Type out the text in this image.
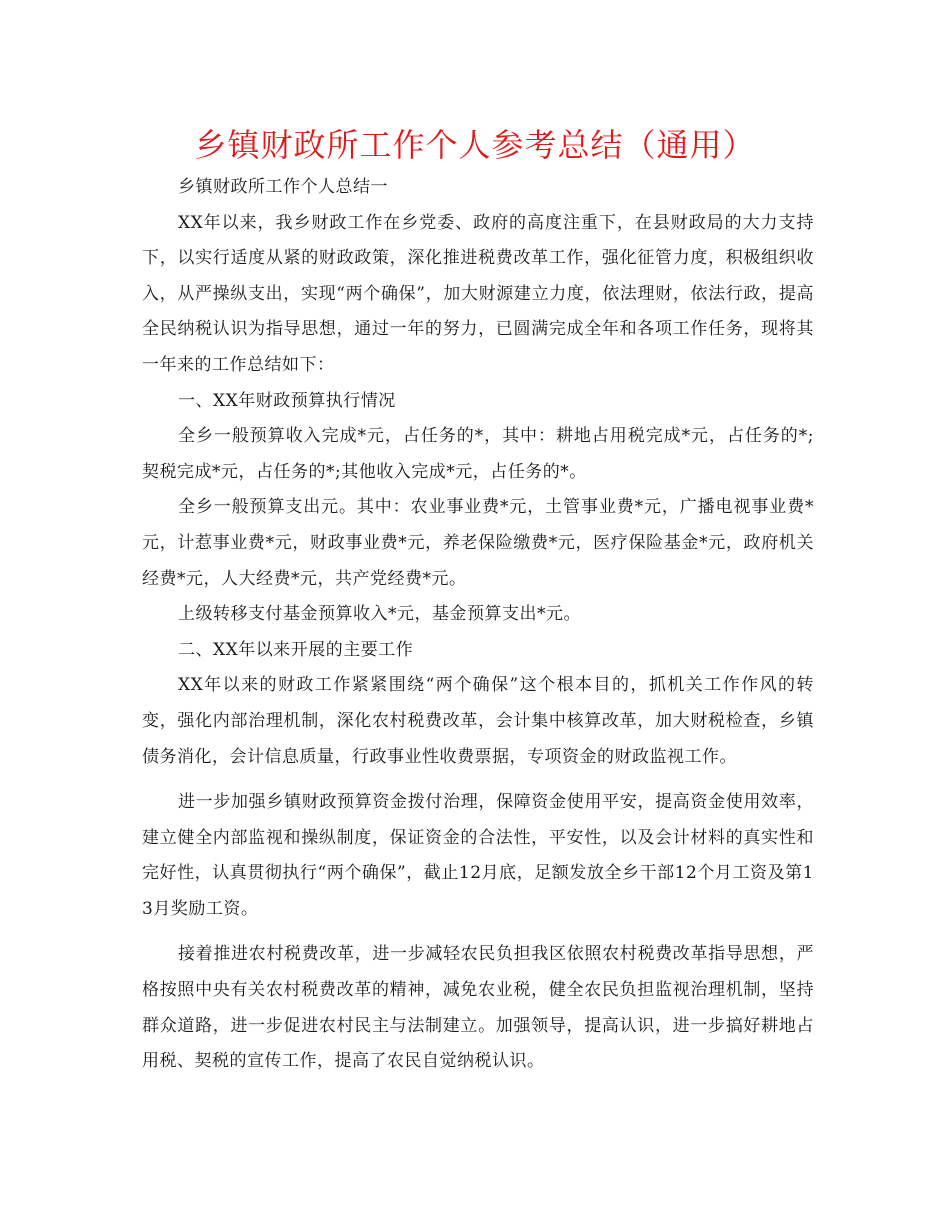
乡镇财政所工作个人参考总结（通用）

乡镇财政所工作个人总结一

XX年以来，我乡财政工作在乡党委、政府的高度注重下，在县财政局的大力支持下，以实行适度从紧的财政政策，深化推进税费改革工作，强化征管力度，积极组织收入，从严操纵支出，实现“两个确保”，加大财源建立力度，依法理财，依法行政，提高全民纳税认识为指导思想，通过一年的努力，已圆满完成全年和各项工作任务，现将其一年来的工作总结如下：

一、XX年财政预算执行情况

全乡一般预算收入完成*元，占任务的*，其中：耕地占用税完成*元，占任务的*;契税完成*元，占任务的*;其他收入完成*元，占任务的*。

全乡一般预算支出元。其中：农业事业费*元，土管事业费*元，广播电视事业费*元，计惹事业费*元，财政事业费*元，养老保险缴费*元，医疗保险基金*元，政府机关经费*元，人大经费*元，共产党经费*元。

上级转移支付基金预算收入*元，基金预算支出*元。

二、XX年以来开展的主要工作

XX年以来的财政工作紧紧围绕“两个确保”这个根本目的，抓机关工作作风的转变，强化内部治理机制，深化农村税费改革，会计集中核算改革，加大财税检查，乡镇债务消化，会计信息质量，行政事业性收费票据，专项资金的财政监视工作。

进一步加强乡镇财政预算资金拨付治理，保障资金使用平安，提高资金使用效率，建立健全内部监视和操纵制度，保证资金的合法性，平安性，以及会计材料的真实性和完好性，认真贯彻执行“两个确保”，截止12月底，足额发放全乡干部12个月工资及第13月奖励工资。

接着推进农村税费改革，进一步减轻农民负担我区依照农村税费改革指导思想，严格按照中央有关农村税费改革的精神，减免农业税，健全农民负担监视治理机制，坚持群众道路，进一步促进农村民主与法制建立。加强领导，提高认识，进一步搞好耕地占用税、契税的宣传工作，提高了农民自觉纳税认识。
